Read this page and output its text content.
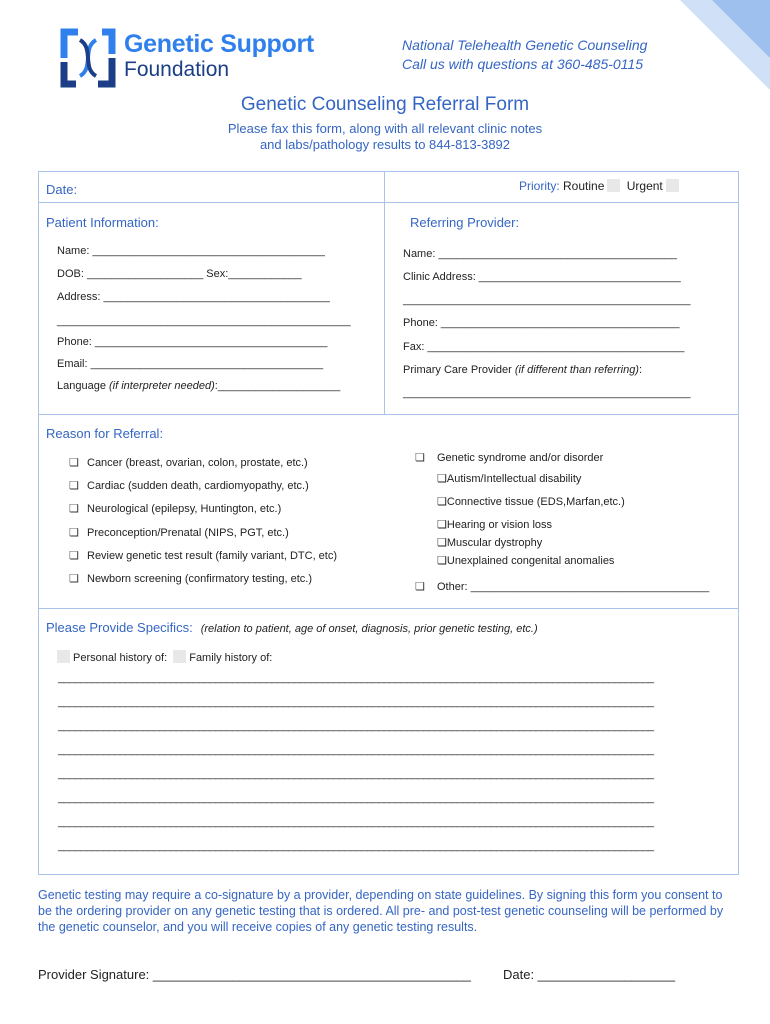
Genetic Support
Foundation
National Telehealth Genetic Counseling
Call us with questions at 360-485-0115
Genetic Counseling Referral Form
Please fax this form, along with all relevant clinic notes
and labs/pathology results to 844-813-3892
Date:	Priority: Routine Urgent
Patient Information:
Name: ______________________________________
DOB: ___________________ Sex:____________
Address: _____________________________________
________________________________________________
Phone: ______________________________________
Email: ______________________________________
Language (if interpreter needed):____________________
Referring Provider:
Name: _______________________________________
Clinic Address: _________________________________
_______________________________________________
Phone: _______________________________________
Fax: __________________________________________
Primary Care Provider (if different than referring):
_______________________________________________
Reason for Referral:
❏ Cancer (breast, ovarian, colon, prostate, etc.)
❏ Cardiac (sudden death, cardiomyopathy, etc.)
❏ Neurological (epilepsy, Huntington, etc.)
❏ Preconception/Prenatal (NIPS, PGT, etc.)
❏ Review genetic test result (family variant, DTC, etc)
❏ Newborn screening (confirmatory testing, etc.)
❏ Genetic syndrome and/or disorder
❏Autism/Intellectual disability
❏Connective tissue (EDS,Marfan,etc.)
❏Hearing or vision loss
❏Muscular dystrophy
❏Unexplained congenital anomalies
❏ Other: _______________________________________
Please Provide Specifics: (relation to patient, age of onset, diagnosis, prior genetic testing, etc.)
Personal history of: Family history of:
__________________________________________________________________________________________________________
__________________________________________________________________________________________________________
__________________________________________________________________________________________________________
__________________________________________________________________________________________________________
__________________________________________________________________________________________________________
__________________________________________________________________________________________________________
__________________________________________________________________________________________________________
__________________________________________________________________________________________________________
Genetic testing may require a co-signature by a provider, depending on state guidelines. By signing this form you consent to be the ordering provider on any genetic testing that is ordered. All pre- and post-test genetic counseling will be performed by the genetic counselor, and you will receive copies of any genetic testing results.
Provider Signature: ____________________________________________ Date: ___________________
